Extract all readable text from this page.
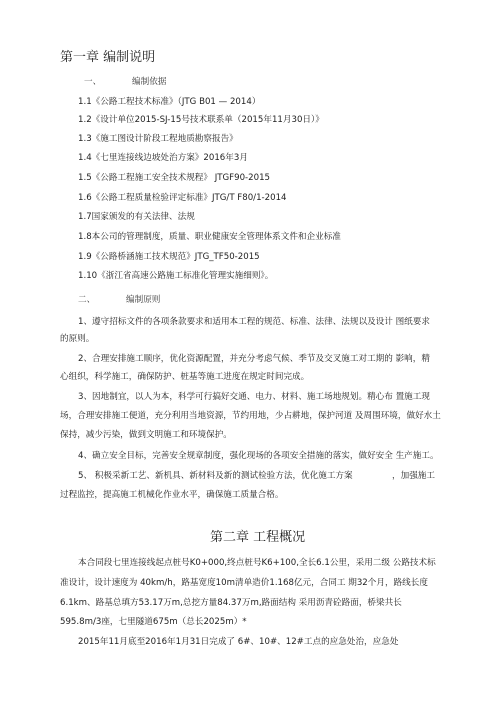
第一章 编制说明
一、	编制依据
1.1《公路工程技术标准》（JTG B01 — 2014）
1.2《设计单位2015-SJ-15号技术联系单（2015年11月30日）》
1.3《施工图设计阶段工程地质勘察报告》
1.4《七里连接线边坡处治方案》2016年3月
1.5《公路工程施工安全技术规程》 JTGF90-2015
1.6《公路工程质量检验评定标准》JTG/T F80/1-2014
1.7国家颁发的有关法律、法规
1.8本公司的管理制度，质量、职业健康安全管理体系文件和企业标准
1.9《公路桥涵施工技术规范》JTG_TF50-2015
1.10《浙江省高速公路施工标准化管理实施细则》。
二、	编制原则
1、遵守招标文件的各项条款要求和适用本工程的规范、标准、法律、法规以及设计 图纸要求
的原则。
2、合理安排施工顺序，优化资源配置，并充分考虑气候、季节及交叉施工对工期的 影响，精
心组织，科学施工，确保防护、桩基等施工进度在规定时间完成。
3、因地制宜，以人为本，科学可行搞好交通、电力、材料、施工场地规划。精心布 置施工现
场，合理安排施工便道，充分利用当地资源，节约用地，少占耕地，保护河道 及周围环境，做好水土
保持，减少污染，做到文明施工和环境保护。
4、确立安全目标，完善安全规章制度，强化现场的各项安全措施的落实，做好安全 生产施工。
5、 积极采新工艺、新机具、新材料及新的测试检验方法，优化施工方案	，加强施工
过程监控，提高施工机械化作业水平，确保施工质量合格。
第二章 工程概况
本合同段七里连接线起点桩号K0+000,终点桩号K6+100,全长6.1公里，采用二级 公路技术标
准设计，设计速度为 40km/h，路基宽度10m清单造价1.168亿元，合同工 期32个月，路线长度
6.1km、路基总填方53.17万m,总挖方量84.37万m,路面结构 采用沥青砼路面，桥梁共长
595.8m/3座，七里隧道675m（总长2025m）*
2015年11月底至2016年1月31日完成了 6#、10#、12#工点的应急处治，应急处
